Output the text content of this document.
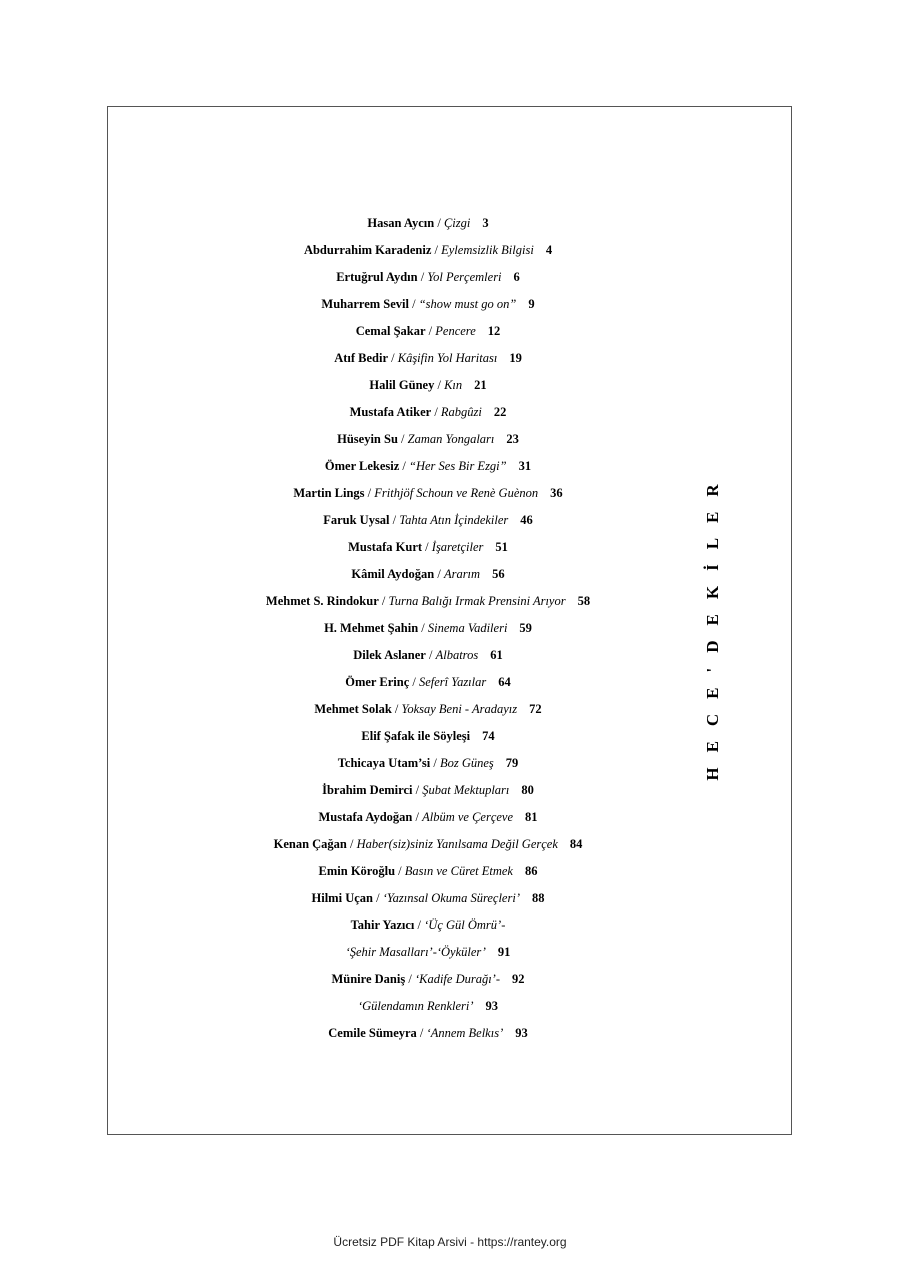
Hasan Aycın / Çizgi 3
Abdurrahim Karadeniz / Eylemsizlik Bilgisi 4
Ertuğrul Aydın / Yol Perçemleri 6
Muharrem Sevil / “show must go on” 9
Cemal Şakar / Pencere 12
Atıf Bedir / Kâşifin Yol Haritası 19
Halil Güney / Kın 21
Mustafa Atiker / Rabgûzi 22
Hüseyin Su / Zaman Yongaları 23
Ömer Lekesiz / “Her Ses Bir Ezgi” 31
Martin Lings / Frithjöf Schoun ve Renè Guènon 36
Faruk Uysal / Tahta Atın İçindekiler 46
Mustafa Kurt / İşaretçiler 51
Kâmil Aydoğan / Ararım 56
Mehmet S. Rindokur / Turna Balığı Irmak Prensini Arıyor 58
H. Mehmet Şahin / Sinema Vadileri 59
Dilek Aslaner / Albatros 61
Ömer Erinç / Seferî Yazılar 64
Mehmet Solak / Yoksay Beni - Aradayız 72
Elif Şafak ile Söyleşi 74
Tchicaya Utam’si / Boz Güneş 79
İbrahim Demirci / Şubat Mektupları 80
Mustafa Aydoğan / Albüm ve Çerçeve 81
Kenan Çağan / Haber(siz)siniz Yanılsama Değil Gerçek 84
Emin Köroğlu / Basın ve Cüret Etmek 86
Hilmi Uçan / ‘Yazınsal Okuma Süreçleri’ 88
Tahir Yazıcı / ‘Üç Gül Ömrü’-
‘Şehir Masalları’-‘Öyküler’ 91
Münire Daniş / ‘Kadife Durağı’- 92
‘Gülendamın Renkleri’ 93
Cemile Sümeyra / ‘Annem Belkıs’ 93
HECE'DEKİLER
Ücretsiz PDF Kitap Arsivi - https://rantey.org
